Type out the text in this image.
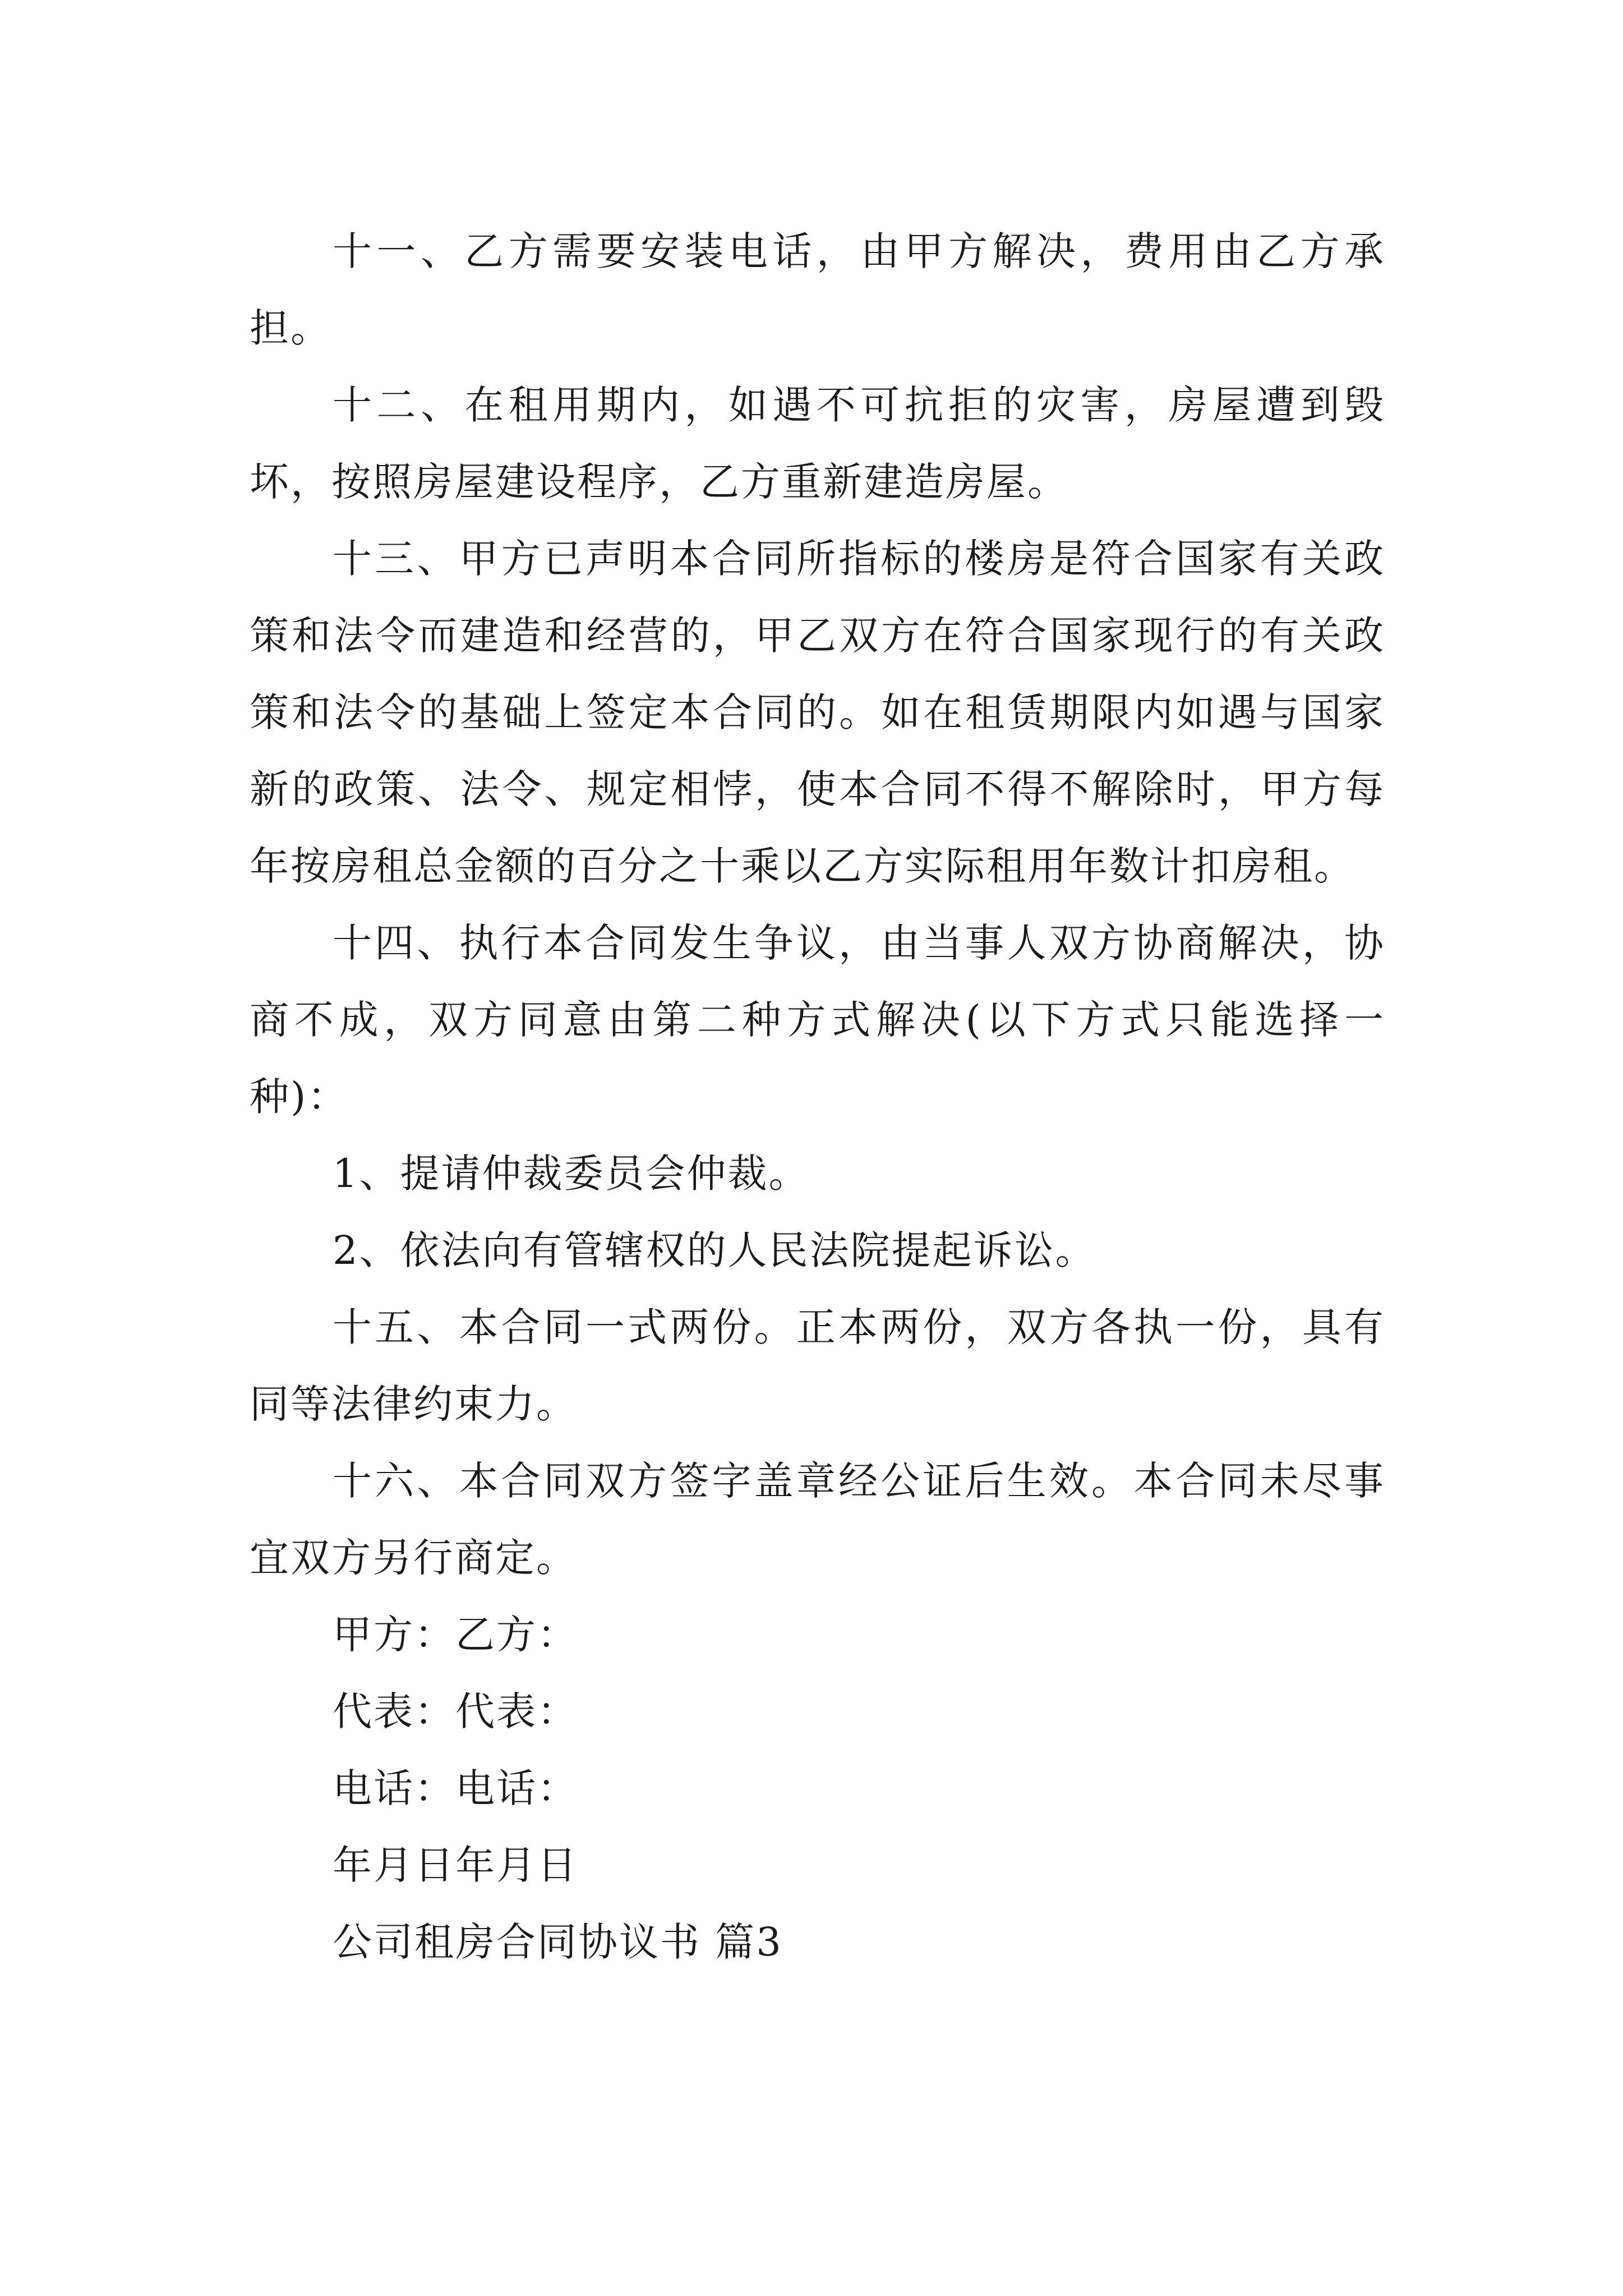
十一、乙方需要安装电话，由甲方解决，费用由乙方承担。

十二、在租用期内，如遇不可抗拒的灾害，房屋遭到毁坏，按照房屋建设程序，乙方重新建造房屋。

十三、甲方已声明本合同所指标的楼房是符合国家有关政策和法令而建造和经营的，甲乙双方在符合国家现行的有关政策和法令的基础上签定本合同的。如在租赁期限内如遇与国家新的政策、法令、规定相悖，使本合同不得不解除时，甲方每年按房租总金额的百分之十乘以乙方实际租用年数计扣房租。

十四、执行本合同发生争议，由当事人双方协商解决，协商不成，双方同意由第二种方式解决(以下方式只能选择一种)：

1、提请仲裁委员会仲裁。

2、依法向有管辖权的人民法院提起诉讼。

十五、本合同一式两份。正本两份，双方各执一份，具有同等法律约束力。

十六、本合同双方签字盖章经公证后生效。本合同未尽事宜双方另行商定。

甲方：乙方：

代表：代表：

电话：电话：

年月日年月日

公司租房合同协议书 篇3
